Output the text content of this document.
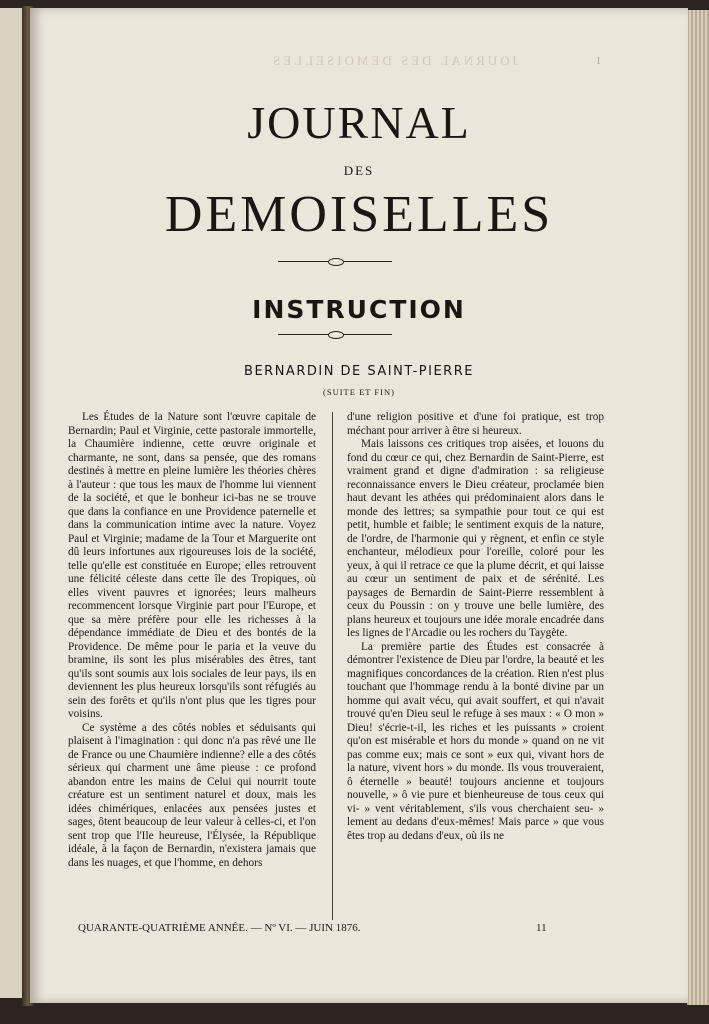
JOURNAL DES DEMOISELLES	1
JOURNAL
DES
DEMOISELLES
INSTRUCTION
BERNARDIN DE SAINT-PIERRE
(SUITE ET FIN)

Les Études de la Nature sont l'œuvre capitale de Bernardin; Paul et Virginie, cette pastorale immortelle, la Chaumière indienne, cette œuvre originale et charmante, ne sont, dans sa pensée, que des romans destinés à mettre en pleine lumière les théories chères à l'auteur : que tous les maux de l'homme lui viennent de la société, et que le bonheur ici-bas ne se trouve que dans la confiance en une Providence paternelle et dans la communication intime avec la nature. Voyez Paul et Virginie; madame de la Tour et Marguerite ont dû leurs infortunes aux rigoureuses lois de la société, telle qu'elle est constituée en Europe; elles retrouvent une félicité céleste dans cette île des Tropiques, où elles vivent pauvres et ignorées; leurs malheurs recommencent lorsque Virginie part pour l'Europe, et que sa mère préfère pour elle les richesses à la dépendance immédiate de Dieu et des bontés de la Providence. De même pour le paria et la veuve du bramine, ils sont les plus misérables des êtres, tant qu'ils sont soumis aux lois sociales de leur pays, ils en deviennent les plus heureux lorsqu'ils sont réfugiés au sein des forêts et qu'ils n'ont plus que les tigres pour voisins.

Ce système a des côtés nobles et séduisants qui plaisent à l'imagination : qui donc n'a pas rêvé une Ile de France ou une Chaumière indienne? elle a des côtés sérieux qui charment une âme pieuse : ce profond abandon entre les mains de Celui qui nourrit toute créature est un sentiment naturel et doux, mais les idées chimériques, enlacées aux pensées justes et sages, ôtent beaucoup de leur valeur à celles-ci, et l'on sent trop que l'Ile heureuse, l'Élysée, la République idéale, à la façon de Bernardin, n'existera jamais que dans les nuages, et que l'homme, en dehors

d'une religion positive et d'une foi pratique, est trop méchant pour arriver à être si heureux.

Mais laissons ces critiques trop aisées, et louons du fond du cœur ce qui, chez Bernardin de Saint-Pierre, est vraiment grand et digne d'admiration : sa religieuse reconnaissance envers le Dieu créateur, proclamée bien haut devant les athées qui prédominaient alors dans le monde des lettres; sa sympathie pour tout ce qui est petit, humble et faible; le sentiment exquis de la nature, de l'ordre, de l'harmonie qui y règnent, et enfin ce style enchanteur, mélodieux pour l'oreille, coloré pour les yeux, à qui il retrace ce que la plume décrit, et qui laisse au cœur un sentiment de paix et de sérénité. Les paysages de Bernardin de Saint-Pierre ressemblent à ceux du Poussin : on y trouve une belle lumière, des plans heureux et toujours une idée morale encadrée dans les lignes de l'Arcadie ou les rochers du Taygète.

La première partie des Études est consacrée à démontrer l'existence de Dieu par l'ordre, la beauté et les magnifiques concordances de la création. Rien n'est plus touchant que l'hommage rendu à la bonté divine par un homme qui avait vécu, qui avait souffert, et qui n'avait trouvé qu'en Dieu seul le refuge à ses maux : « O mon » Dieu! s'écrie-t-il, les riches et les puissants » croient qu'on est misérable et hors du monde » quand on ne vit pas comme eux; mais ce sont » eux qui, vivant hors de la nature, vivent hors » du monde. Ils vous trouveraient, ô éternelle » beauté! toujours ancienne et toujours nouvelle, » ô vie pure et bienheureuse de tous ceux qui vi- » vent véritablement, s'ils vous cherchaient seu- » lement au dedans d'eux-mêmes! Mais parce » que vous êtes trop au dedans d'eux, où ils ne

QUARANTE-QUATRIÈME ANNÉE. — Nº VI. — JUIN 1876.	11
